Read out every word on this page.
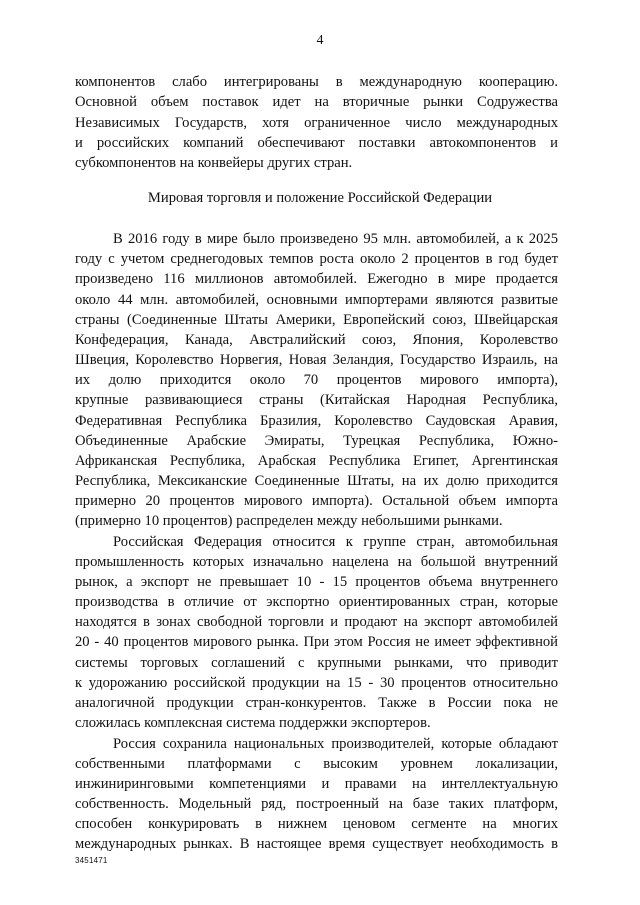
4
компонентов слабо интегрированы в международную кооперацию.
Основной объем поставок идет на вторичные рынки Содружества
Независимых Государств, хотя ограниченное число международных
и российских компаний обеспечивают поставки автокомпонентов и
субкомпонентов на конвейеры других стран.
Мировая торговля и положение Российской Федерации
В 2016 году в мире было произведено 95 млн. автомобилей, а к 2025
году с учетом среднегодовых темпов роста около 2 процентов в год будет
произведено 116 миллионов автомобилей. Ежегодно в мире продается
около 44 млн. автомобилей, основными импортерами являются развитые
страны (Соединенные Штаты Америки, Европейский союз, Швейцарская
Конфедерация, Канада, Австралийский союз, Япония, Королевство
Швеция, Королевство Норвегия, Новая Зеландия, Государство Израиль, на
их долю приходится около 70 процентов мирового импорта),
крупные развивающиеся страны (Китайская Народная Республика,
Федеративная Республика Бразилия, Королевство Саудовская Аравия,
Объединенные Арабские Эмираты, Турецкая Республика, Южно-
Африканская Республика, Арабская Республика Египет, Аргентинская
Республика, Мексиканские Соединенные Штаты, на их долю приходится
примерно 20 процентов мирового импорта). Остальной объем импорта
(примерно 10 процентов) распределен между небольшими рынками.
Российская Федерация относится к группе стран, автомобильная
промышленность которых изначально нацелена на большой внутренний
рынок, а экспорт не превышает 10 - 15 процентов объема внутреннего
производства в отличие от экспортно ориентированных стран, которые
находятся в зонах свободной торговли и продают на экспорт автомобилей
20 - 40 процентов мирового рынка. При этом Россия не имеет эффективной
системы торговых соглашений с крупными рынками, что приводит
к удорожанию российской продукции на 15 - 30 процентов относительно
аналогичной продукции стран-конкурентов. Также в России пока не
сложилась комплексная система поддержки экспортеров.
Россия сохранила национальных производителей, которые обладают
собственными платформами с высоким уровнем локализации,
инжиниринговыми компетенциями и правами на интеллектуальную
собственность. Модельный ряд, построенный на базе таких платформ,
способен конкурировать в нижнем ценовом сегменте на многих
международных рынках. В настоящее время существует необходимость в
3451471
